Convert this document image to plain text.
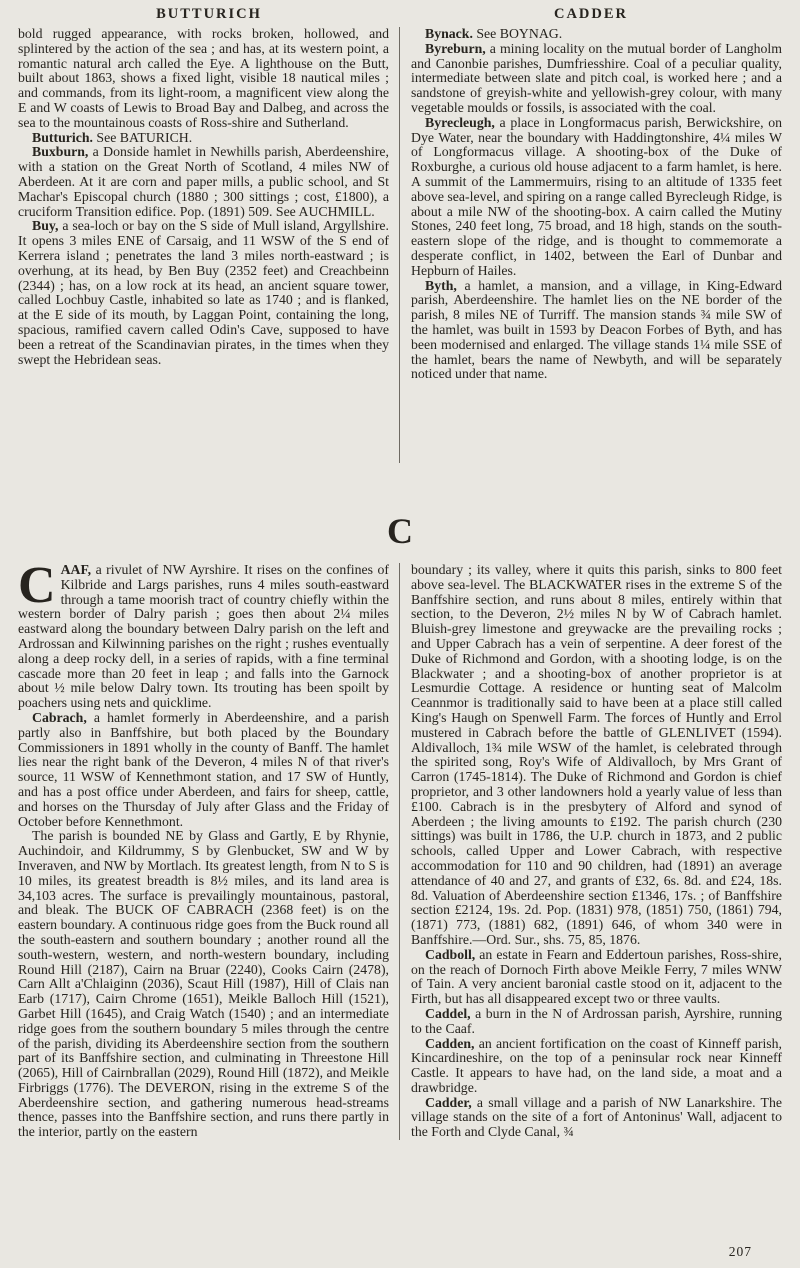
BUTTURICH	CADDER

bold rugged appearance, with rocks broken, hollowed, and splintered by the action of the sea ; and has, at its western point, a romantic natural arch called the Eye. A lighthouse on the Butt, built about 1863, shows a fixed light, visible 18 nautical miles ; and commands, from its light-room, a magnificent view along the E and W coasts of Lewis to Broad Bay and Dalbeg, and across the sea to the mountainous coasts of Ross-shire and Sutherland.

Butturich. See BATURICH.

Buxburn, a Donside hamlet in Newhills parish, Aberdeenshire, with a station on the Great North of Scotland, 4 miles NW of Aberdeen. At it are corn and paper mills, a public school, and St Machar's Episcopal church (1880 ; 300 sittings ; cost, £1800), a cruciform Transition edifice. Pop. (1891) 509. See AUCHMILL.

Buy, a sea-loch or bay on the S side of Mull island, Argyllshire. It opens 3 miles ENE of Carsaig, and 11 WSW of the S end of Kerrera island ; penetrates the land 3 miles north-eastward ; is overhung, at its head, by Ben Buy (2352 feet) and Creachbeinn (2344) ; has, on a low rock at its head, an ancient square tower, called Lochbuy Castle, inhabited so late as 1740 ; and is flanked, at the E side of its mouth, by Laggan Point, containing the long, spacious, ramified cavern called Odin's Cave, supposed to have been a retreat of the Scandinavian pirates, in the times when they swept the Hebridean seas.

Bynack. See BOYNAG.

Byreburn, a mining locality on the mutual border of Langholm and Canonbie parishes, Dumfriesshire. Coal of a peculiar quality, intermediate between slate and pitch coal, is worked here ; and a sandstone of greyish-white and yellowish-grey colour, with many vegetable moulds or fossils, is associated with the coal.

Byrecleugh, a place in Longformacus parish, Berwickshire, on Dye Water, near the boundary with Haddingtonshire, 4¼ miles W of Longformacus village. A shooting-box of the Duke of Roxburghe, a curious old house adjacent to a farm hamlet, is here. A summit of the Lammermuirs, rising to an altitude of 1335 feet above sea-level, and spiring on a range called Byrecleugh Ridge, is about a mile NW of the shooting-box. A cairn called the Mutiny Stones, 240 feet long, 75 broad, and 18 high, stands on the south-eastern slope of the ridge, and is thought to commemorate a desperate conflict, in 1402, between the Earl of Dunbar and Hepburn of Hailes.

Byth, a hamlet, a mansion, and a village, in King-Edward parish, Aberdeenshire. The hamlet lies on the NE border of the parish, 8 miles NE of Turriff. The mansion stands ¾ mile SW of the hamlet, was built in 1593 by Deacon Forbes of Byth, and has been modernised and enlarged. The village stands 1¼ mile SSE of the hamlet, bears the name of Newbyth, and will be separately noticed under that name.

C

CAAF, a rivulet of NW Ayrshire. It rises on the confines of Kilbride and Largs parishes, runs 4 miles south-eastward through a tame moorish tract of country chiefly within the western border of Dalry parish ; goes then about 2¼ miles eastward along the boundary between Dalry parish on the left and Ardrossan and Kilwinning parishes on the right ; rushes eventually along a deep rocky dell, in a series of rapids, with a fine terminal cascade more than 20 feet in leap ; and falls into the Garnock about ½ mile below Dalry town. Its trouting has been spoilt by poachers using nets and quicklime.

Cabrach, a hamlet formerly in Aberdeenshire, and a parish partly also in Banffshire, but both placed by the Boundary Commissioners in 1891 wholly in the county of Banff. The hamlet lies near the right bank of the Deveron, 4 miles N of that river's source, 11 WSW of Kennethmont station, and 17 SW of Huntly, and has a post office under Aberdeen, and fairs for sheep, cattle, and horses on the Thursday of July after Glass and the Friday of October before Kennethmont.

The parish is bounded NE by Glass and Gartly, E by Rhynie, Auchindoir, and Kildrummy, S by Glenbucket, SW and W by Inveraven, and NW by Mortlach. Its greatest length, from N to S is 10 miles, its greatest breadth is 8½ miles, and its land area is 34,103 acres. The surface is prevailingly mountainous, pastoral, and bleak. The BUCK OF CABRACH (2368 feet) is on the eastern boundary. A continuous ridge goes from the Buck round all the south-eastern and southern boundary ; another round all the south-western, western, and north-western boundary, including Round Hill (2187), Cairn na Bruar (2240), Cooks Cairn (2478), Carn Allt a'Chlaiginn (2036), Scaut Hill (1987), Hill of Clais nan Earb (1717), Cairn Chrome (1651), Meikle Balloch Hill (1521), Garbet Hill (1645), and Craig Watch (1540) ; and an intermediate ridge goes from the southern boundary 5 miles through the centre of the parish, dividing its Aberdeenshire section from the southern part of its Banffshire section, and culminating in Threestone Hill (2065), Hill of Cairnbrallan (2029), Round Hill (1872), and Meikle Firbriggs (1776). The DEVERON, rising in the extreme S of the Aberdeenshire section, and gathering numerous head-streams thence, passes into the Banffshire section, and runs there partly in the interior, partly on the eastern

boundary ; its valley, where it quits this parish, sinks to 800 feet above sea-level. The BLACKWATER rises in the extreme S of the Banffshire section, and runs about 8 miles, entirely within that section, to the Deveron, 2½ miles N by W of Cabrach hamlet. Bluish-grey limestone and greywacke are the prevailing rocks ; and Upper Cabrach has a vein of serpentine. A deer forest of the Duke of Richmond and Gordon, with a shooting lodge, is on the Blackwater ; and a shooting-box of another proprietor is at Lesmurdie Cottage. A residence or hunting seat of Malcolm Ceannmor is traditionally said to have been at a place still called King's Haugh on Spenwell Farm. The forces of Huntly and Errol mustered in Cabrach before the battle of GLENLIVET (1594). Aldivalloch, 1¾ mile WSW of the hamlet, is celebrated through the spirited song, Roy's Wife of Aldivalloch, by Mrs Grant of Carron (1745-1814). The Duke of Richmond and Gordon is chief proprietor, and 3 other landowners hold a yearly value of less than £100. Cabrach is in the presbytery of Alford and synod of Aberdeen ; the living amounts to £192. The parish church (230 sittings) was built in 1786, the U.P. church in 1873, and 2 public schools, called Upper and Lower Cabrach, with respective accommodation for 110 and 90 children, had (1891) an average attendance of 40 and 27, and grants of £32, 6s. 8d. and £24, 18s. 8d. Valuation of Aberdeenshire section £1346, 17s. ; of Banffshire section £2124, 19s. 2d. Pop. (1831) 978, (1851) 750, (1861) 794, (1871) 773, (1881) 682, (1891) 646, of whom 340 were in Banffshire.—Ord. Sur., shs. 75, 85, 1876.

Cadboll, an estate in Fearn and Eddertoun parishes, Ross-shire, on the reach of Dornoch Firth above Meikle Ferry, 7 miles WNW of Tain. A very ancient baronial castle stood on it, adjacent to the Firth, but has all disappeared except two or three vaults.

Caddel, a burn in the N of Ardrossan parish, Ayrshire, running to the Caaf.

Cadden, an ancient fortification on the coast of Kinneff parish, Kincardineshire, on the top of a peninsular rock near Kinneff Castle. It appears to have had, on the land side, a moat and a drawbridge.

Cadder, a small village and a parish of NW Lanarkshire. The village stands on the site of a fort of Antoninus' Wall, adjacent to the Forth and Clyde Canal, ¾

207
